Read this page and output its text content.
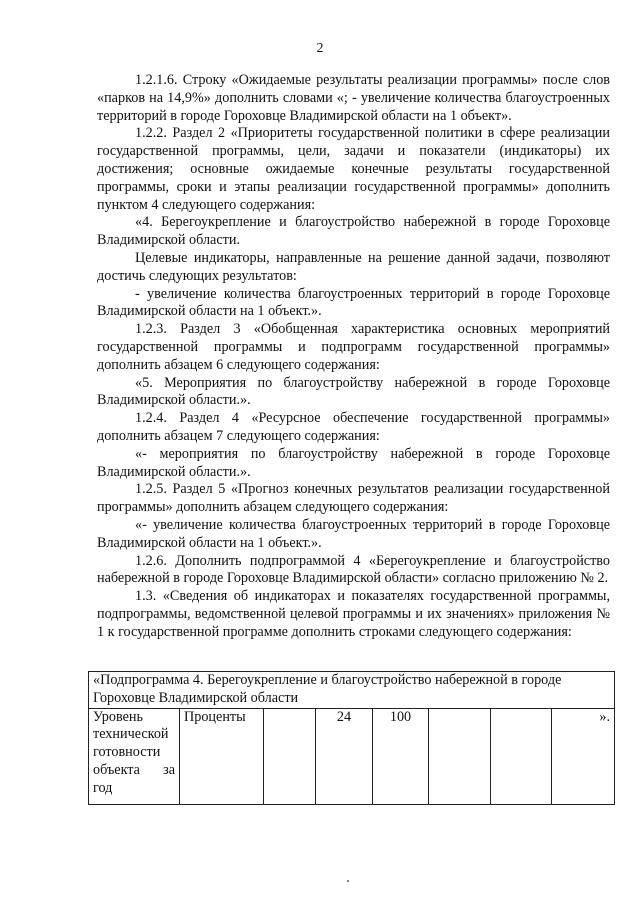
2

1.2.1.6. Строку «Ожидаемые результаты реализации программы» после слов «парков на 14,9%» дополнить словами «; - увеличение количества благоустроенных территорий в городе Гороховце Владимирской области на 1 объект».

1.2.2. Раздел 2 «Приоритеты государственной политики в сфере реализации государственной программы, цели, задачи и показатели (индикаторы) их достижения; основные ожидаемые конечные результаты государственной программы, сроки и этапы реализации государственной программы» дополнить пунктом 4 следующего содержания:

«4. Берегоукрепление и благоустройство набережной в городе Гороховце Владимирской области.

Целевые индикаторы, направленные на решение данной задачи, позволяют достичь следующих результатов:

- увеличение количества благоустроенных территорий в городе Гороховце Владимирской области на 1 объект.».

1.2.3. Раздел 3 «Обобщенная характеристика основных мероприятий государственной программы и подпрограмм государственной программы» дополнить абзацем 6 следующего содержания:

«5. Мероприятия по благоустройству набережной в городе Гороховце Владимирской области.».

1.2.4. Раздел 4 «Ресурсное обеспечение государственной программы» дополнить абзацем 7 следующего содержания:

«- мероприятия по благоустройству набережной в городе Гороховце Владимирской области.».

1.2.5. Раздел 5 «Прогноз конечных результатов реализации государственной программы» дополнить абзацем следующего содержания:

«- увеличение количества благоустроенных территорий в городе Гороховце Владимирской области на 1 объект.».

1.2.6. Дополнить подпрограммой 4 «Берегоукрепление и благоустройство набережной в городе Гороховце Владимирской области» согласно приложению № 2.

1.3. «Сведения об индикаторах и показателях государственной программы, подпрограммы, ведомственной целевой программы и их значениях» приложения № 1 к государственной программе дополнить строками следующего содержания:

«Подпрограмма 4. Берегоукрепление и благоустройство набережной в городе Гороховце Владимирской области
Уровень технической готовности объекта за год	Проценты		24	100			».
